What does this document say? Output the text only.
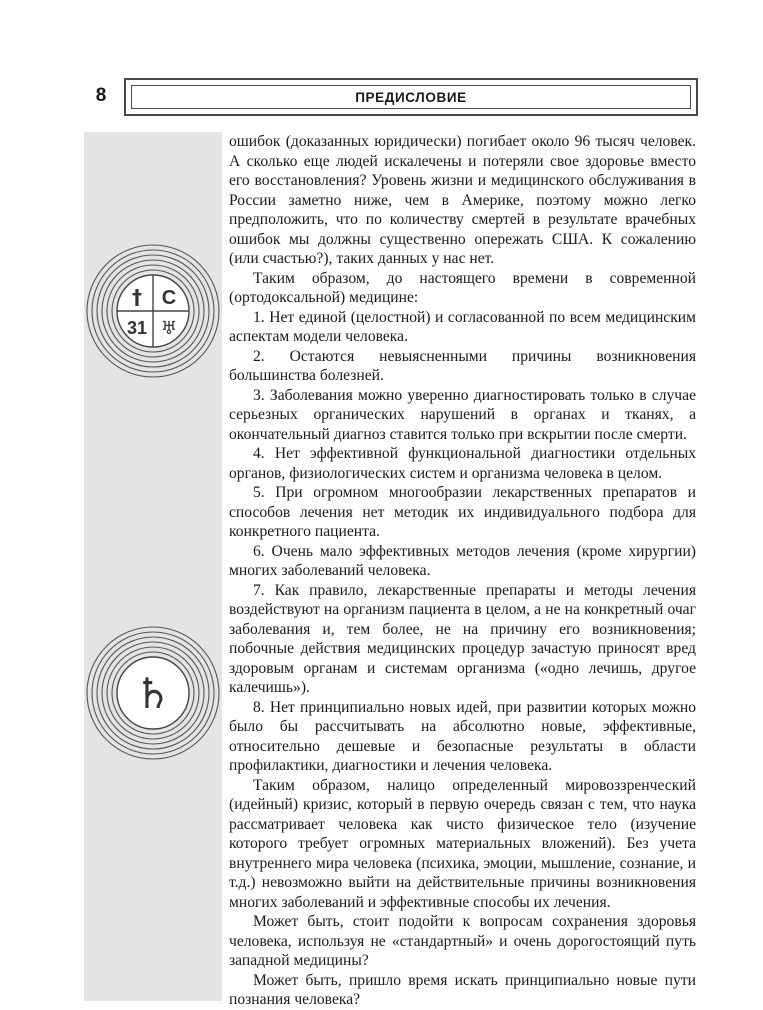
8	ПРЕДИСЛОВИЕ
† С
31 ♅
♄

ошибок (доказанных юридически) погибает около 96 тысяч человек. А сколько еще людей искалечены и потеряли свое здоровье вместо его восстановления? Уровень жизни и медицинского обслуживания в России заметно ниже, чем в Америке, поэтому можно легко предположить, что по количеству смертей в результате врачебных ошибок мы должны существенно опережать США. К сожалению (или счастью?), таких данных у нас нет.

Таким образом, до настоящего времени в современной (ортодоксальной) медицине:

1. Нет единой (целостной) и согласованной по всем медицинским аспектам модели человека.

2. Остаются невыясненными причины возникновения большинства болезней.

3. Заболевания можно уверенно диагностировать только в случае серьезных органических нарушений в органах и тканях, а окончательный диагноз ставится только при вскрытии после смерти.

4. Нет эффективной функциональной диагностики отдельных органов, физиологических систем и организма человека в целом.

5. При огромном многообразии лекарственных препаратов и способов лечения нет методик их индивидуального подбора для конкретного пациента.

6. Очень мало эффективных методов лечения (кроме хирургии) многих заболеваний человека.

7. Как правило, лекарственные препараты и методы лечения воздействуют на организм пациента в целом, а не на конкретный очаг заболевания и, тем более, не на причину его возникновения; побочные действия медицинских процедур зачастую приносят вред здоровым органам и системам организма («одно лечишь, другое калечишь»).

8. Нет принципиально новых идей, при развитии которых можно было бы рассчитывать на абсолютно новые, эффективные, относительно дешевые и безопасные результаты в области профилактики, диагностики и лечения человека.

Таким образом, налицо определенный мировоззренческий (идейный) кризис, который в первую очередь связан с тем, что наука рассматривает человека как чисто физическое тело (изучение которого требует огромных материальных вложений). Без учета внутреннего мира человека (психика, эмоции, мышление, сознание, и т.д.) невозможно выйти на действительные причины возникновения многих заболеваний и эффективные способы их лечения.

Может быть, стоит подойти к вопросам сохранения здоровья человека, используя не «стандартный» и очень дорогостоящий путь западной медицины?

Может быть, пришло время искать принципиально новые пути познания человека?
